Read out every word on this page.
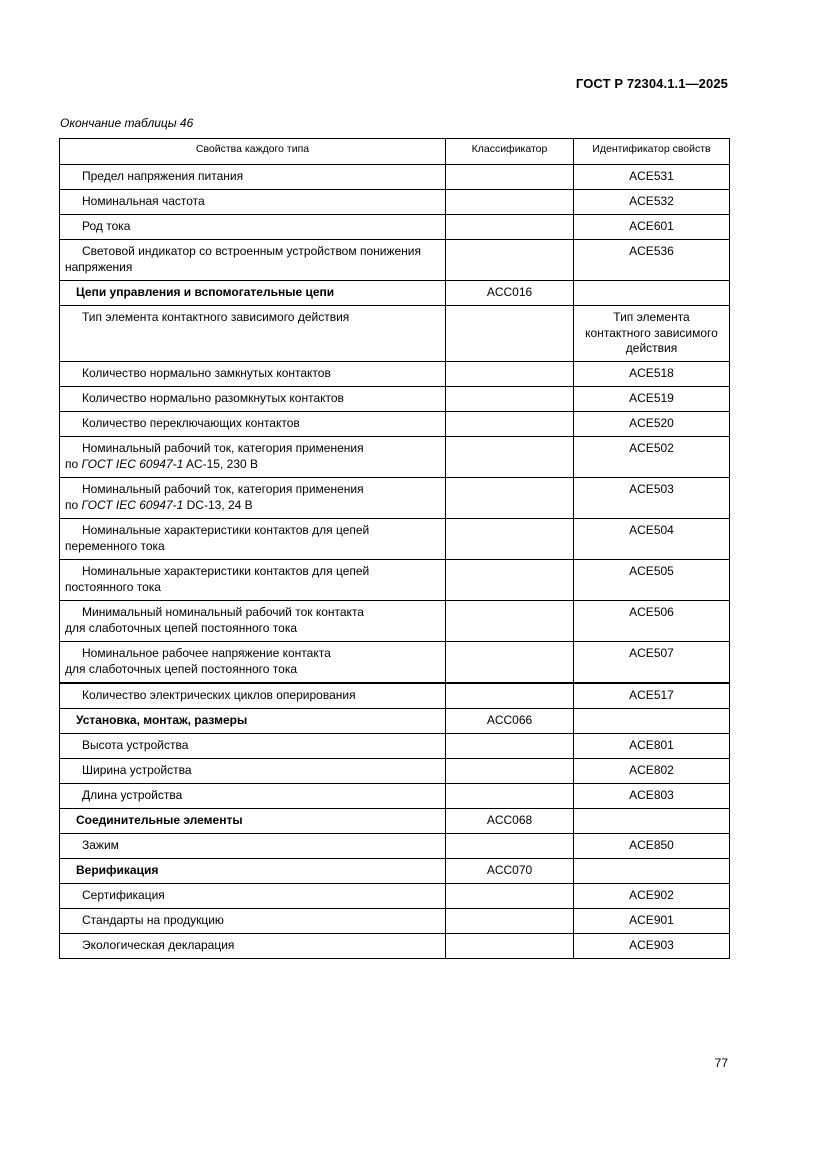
ГОСТ Р 72304.1.1—2025
Окончание таблицы 46
Свойства каждого типа	Классификатор	Идентификатор свойств
Предел напряжения питания		ACE531
Номинальная частота		ACE532
Род тока		ACE601
Световой индикатор со встроенным устройством понижения
напряжения		ACE536
Цепи управления и вспомогательные цепи	ACC016	
Тип элемента контактного зависимого действия		Тип элемента контактного зависимого действия
Количество нормально замкнутых контактов		ACE518
Количество нормально разомкнутых контактов		ACE519
Количество переключающих контактов		ACE520
Номинальный рабочий ток, категория применения
по ГОСТ IEC 60947-1 AC-15, 230 В		ACE502
Номинальный рабочий ток, категория применения
по ГОСТ IEC 60947-1 DC-13, 24 В		ACE503
Номинальные характеристики контактов для цепей
переменного тока		ACE504
Номинальные характеристики контактов для цепей
постоянного тока		ACE505
Минимальный номинальный рабочий ток контакта
для слаботочных цепей постоянного тока		ACE506
Номинальное рабочее напряжение контакта
для слаботочных цепей постоянного тока		ACE507
Количество электрических циклов оперирования		ACE517
Установка, монтаж, размеры	ACC066	
Высота устройства		ACE801
Ширина устройства		ACE802
Длина устройства		ACE803
Соединительные элементы	ACC068	
Зажим		ACE850
Верификация	ACC070	
Сертификация		ACE902
Стандарты на продукцию		ACE901
Экологическая декларация		ACE903
77
